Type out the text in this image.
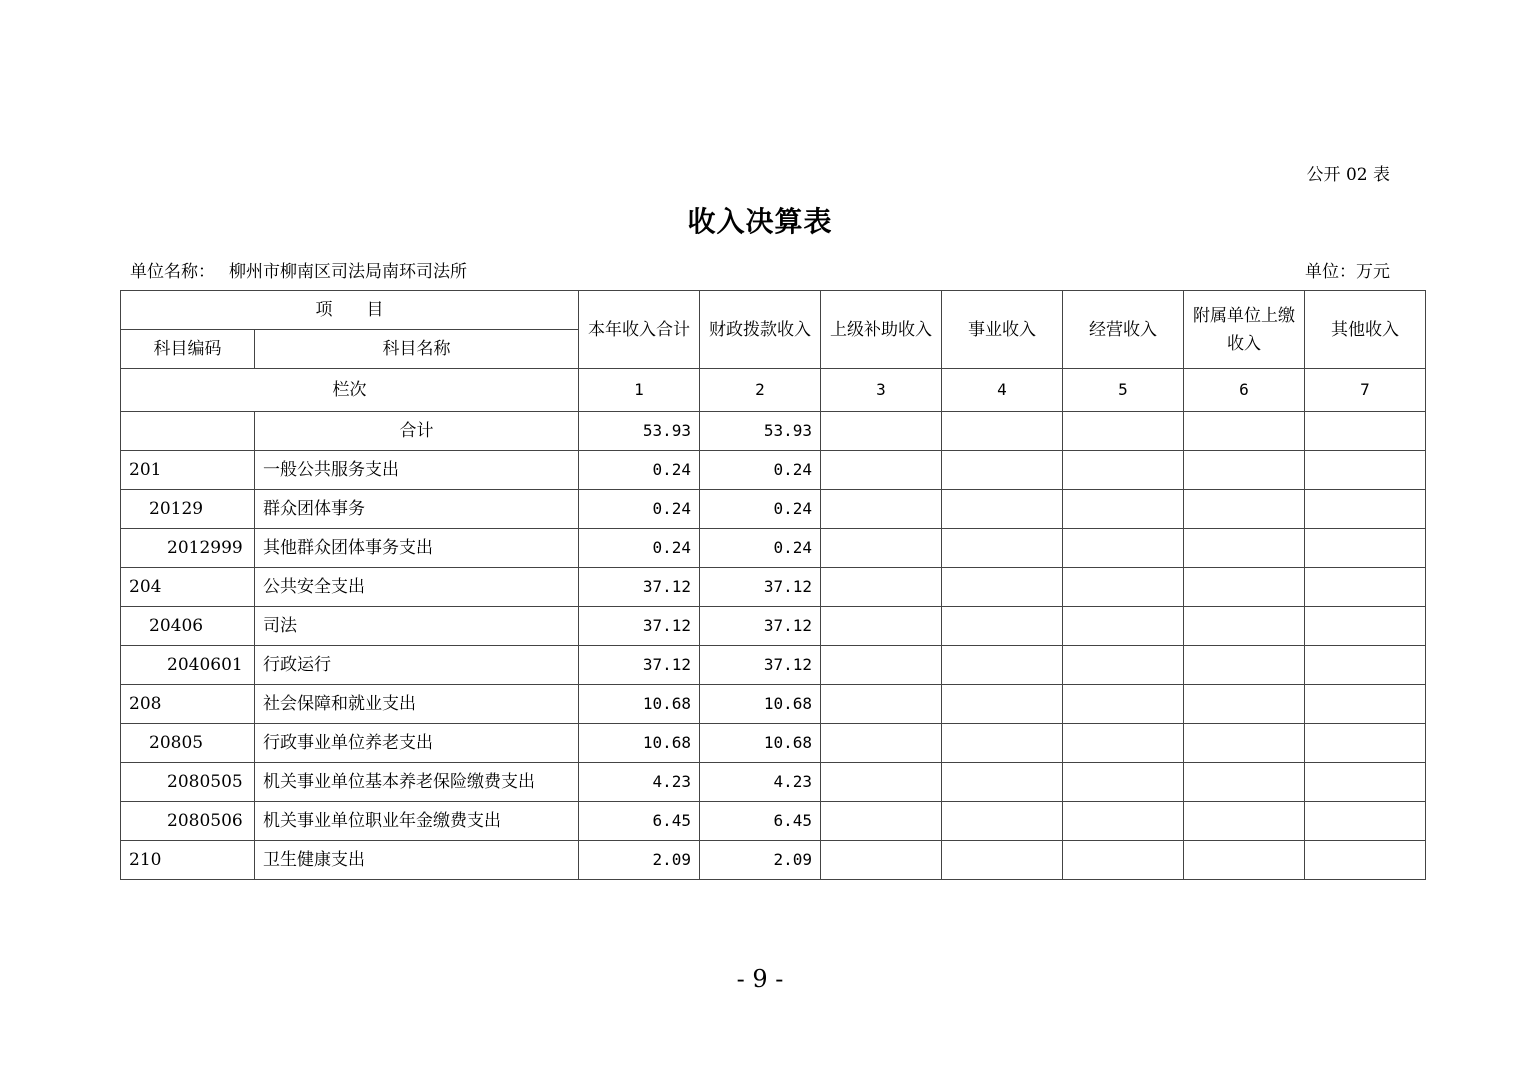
公开 02 表
收入决算表
单位名称： 柳州市柳南区司法局南环司法所	单位：万元
项　　目		本年收入合计	财政拨款收入	上级补助收入	事业收入	经营收入	附属单位上缴收入	其他收入
科目编码	科目名称							
栏次		1	2	3	4	5	6	7
	合计	53.93	53.93					
201	一般公共服务支出	0.24	0.24					
20129	群众团体事务	0.24	0.24					
2012999	其他群众团体事务支出	0.24	0.24					
204	公共安全支出	37.12	37.12					
20406	司法	37.12	37.12					
2040601	行政运行	37.12	37.12					
208	社会保障和就业支出	10.68	10.68					
20805	行政事业单位养老支出	10.68	10.68					
2080505	机关事业单位基本养老保险缴费支出	4.23	4.23					
2080506	机关事业单位职业年金缴费支出	6.45	6.45					
210	卫生健康支出	2.09	2.09					
- 9 -
